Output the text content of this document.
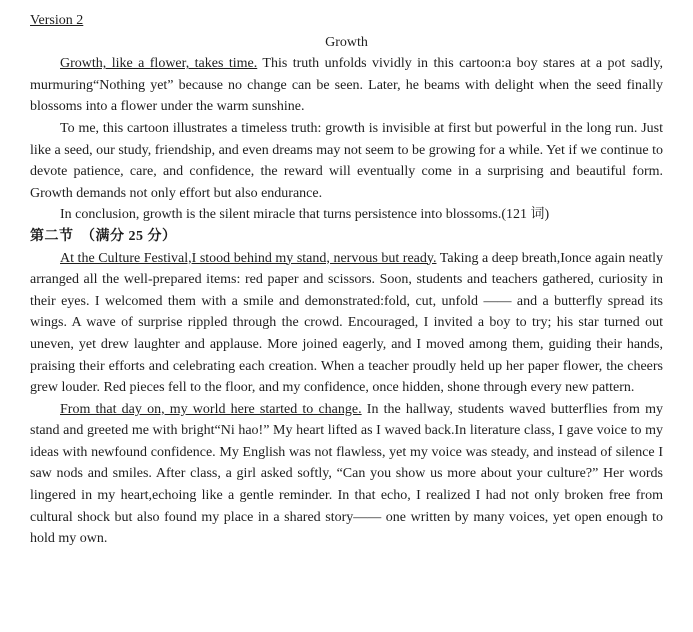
Version 2
Growth

Growth, like a flower, takes time. This truth unfolds vividly in this cartoon:a boy stares at a pot sadly, murmuring“Nothing yet” because no change can be seen. Later, he beams with delight when the seed finally blossoms into a flower under the warm sunshine.

To me, this cartoon illustrates a timeless truth: growth is invisible at first but powerful in the long run. Just like a seed, our study, friendship, and even dreams may not seem to be growing for a while. Yet if we continue to devote patience, care, and confidence, the reward will eventually come in a surprising and beautiful form. Growth demands not only effort but also endurance.

In conclusion, growth is the silent miracle that turns persistence into blossoms.(121 词)

第二节　（满分 25 分）

At the Culture Festival,I stood behind my stand, nervous but ready. Taking a deep breath,Ionce again neatly arranged all the well-prepared items: red paper and scissors. Soon, students and teachers gathered, curiosity in their eyes. I welcomed them with a smile and demonstrated:fold, cut, unfold —— and a butterfly spread its wings. A wave of surprise rippled through the crowd. Encouraged, I invited a boy to try; his star turned out uneven, yet drew laughter and applause. More joined eagerly, and I moved among them, guiding their hands, praising their efforts and celebrating each creation. When a teacher proudly held up her paper flower, the cheers grew louder. Red pieces fell to the floor, and my confidence, once hidden, shone through every new pattern.

From that day on, my world here started to change. In the hallway, students waved butterflies from my stand and greeted me with bright“Ni hao!” My heart lifted as I waved back.In literature class, I gave voice to my ideas with newfound confidence. My English was not flawless, yet my voice was steady, and instead of silence I saw nods and smiles. After class, a girl asked softly, “Can you show us more about your culture?” Her words lingered in my heart,echoing like a gentle reminder. In that echo, I realized I had not only broken free from cultural shock but also found my place in a shared story—— one written by many voices, yet open enough to hold my own.
